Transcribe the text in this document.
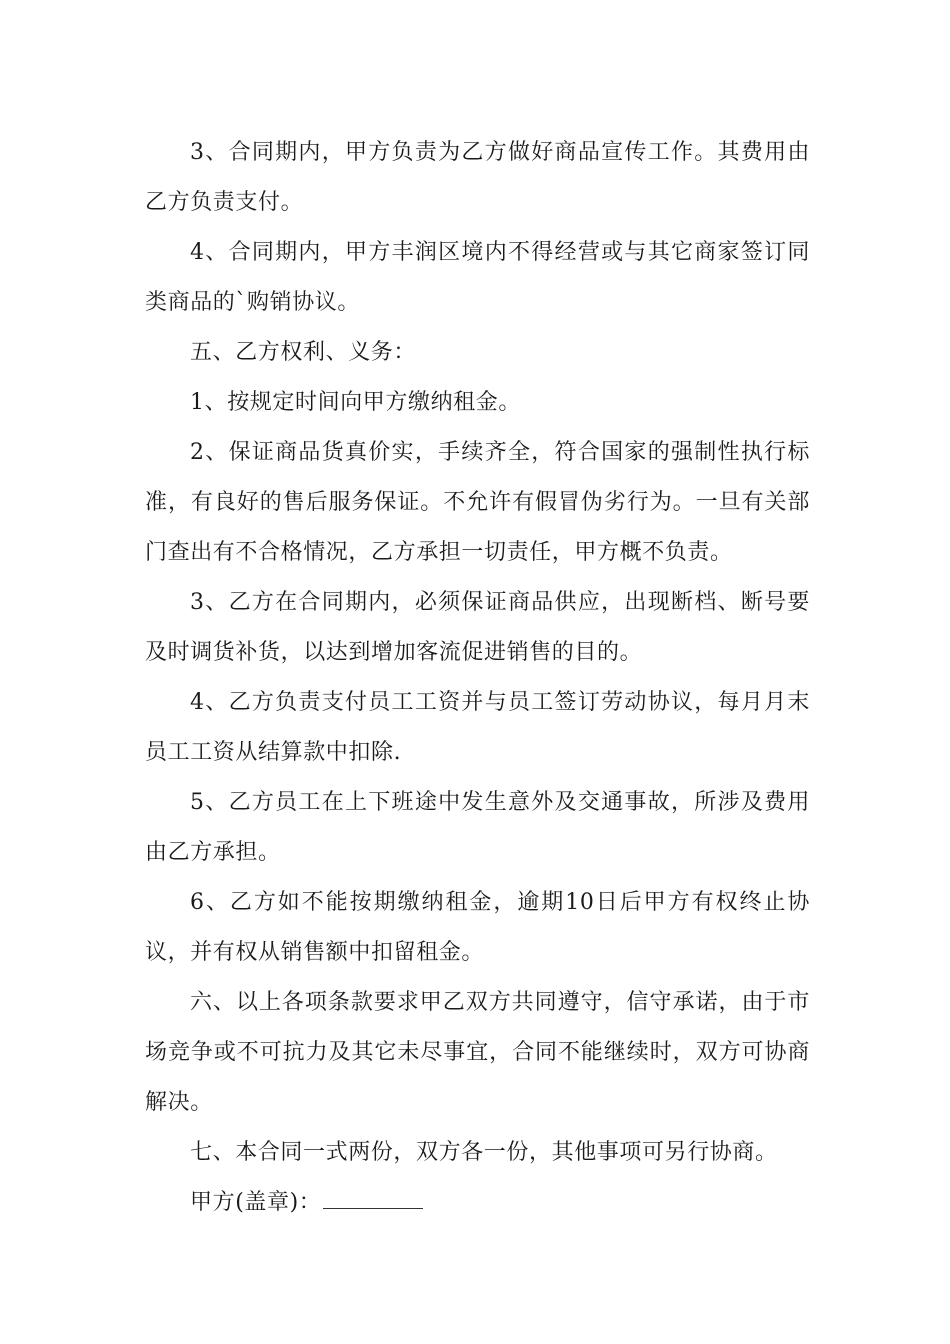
3、合同期内，甲方负责为乙方做好商品宣传工作。其费用由乙方负责支付。

4、合同期内，甲方丰润区境内不得经营或与其它商家签订同类商品的`购销协议。

五、乙方权利、义务：

1、按规定时间向甲方缴纳租金。

2、保证商品货真价实，手续齐全，符合国家的强制性执行标准，有良好的售后服务保证。不允许有假冒伪劣行为。一旦有关部门查出有不合格情况，乙方承担一切责任，甲方概不负责。

3、乙方在合同期内，必须保证商品供应，出现断档、断号要及时调货补货，以达到增加客流促进销售的目的。

4、乙方负责支付员工工资并与员工签订劳动协议，每月月末员工工资从结算款中扣除.

5、乙方员工在上下班途中发生意外及交通事故，所涉及费用由乙方承担。

6、乙方如不能按期缴纳租金，逾期10日后甲方有权终止协议，并有权从销售额中扣留租金。

六、以上各项条款要求甲乙双方共同遵守，信守承诺，由于市场竞争或不可抗力及其它未尽事宜，合同不能继续时，双方可协商解决。

七、本合同一式两份，双方各一份，其他事项可另行协商。

甲方(盖章)：
